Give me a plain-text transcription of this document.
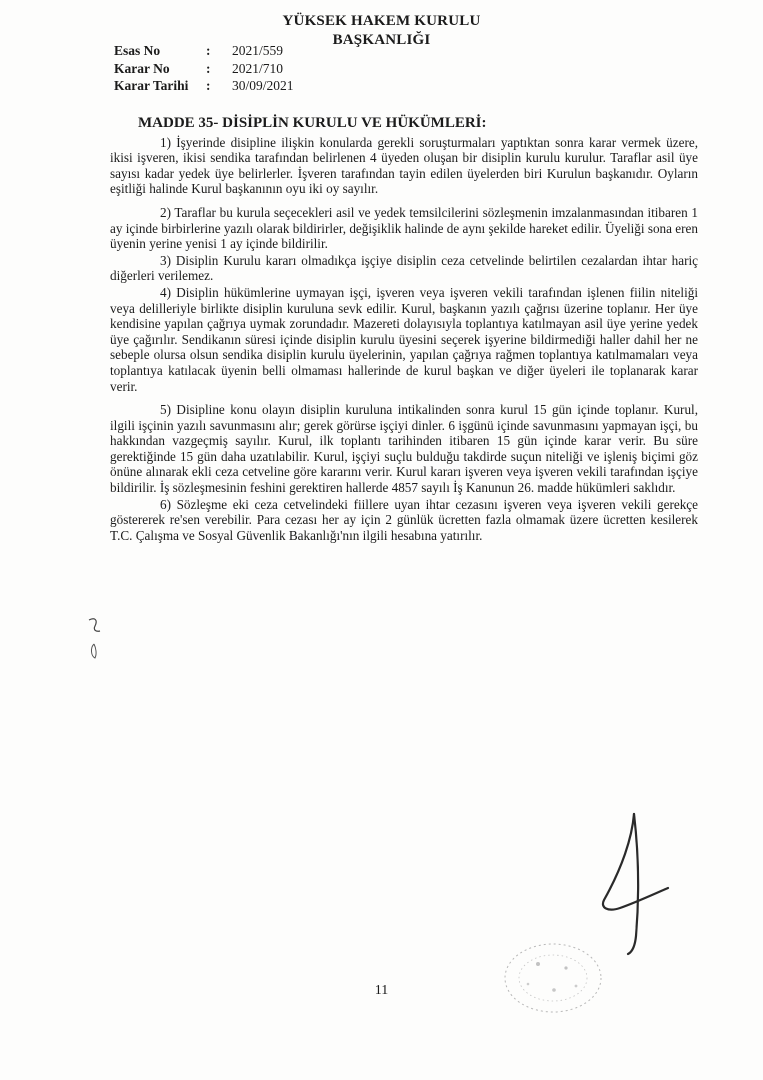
YÜKSEK HAKEM KURULU
BAŞKANLIĞI
Esas No	:	2021/559
Karar No	:	2021/710
Karar Tarihi	:	30/09/2021

MADDE 35- DİSİPLİN KURULU VE HÜKÜMLERİ:

1) İşyerinde disipline ilişkin konularda gerekli soruşturmaları yaptıktan sonra karar vermek üzere, ikisi işveren, ikisi sendika tarafından belirlenen 4 üyeden oluşan bir disiplin kurulu kurulur. Taraflar asil üye sayısı kadar yedek üye belirlerler. İşveren tarafından tayin edilen üyelerden biri Kurulun başkanıdır. Oyların eşitliği halinde Kurul başkanının oyu iki oy sayılır.

2) Taraflar bu kurula seçecekleri asil ve yedek temsilcilerini sözleşmenin imzalanmasından itibaren 1 ay içinde birbirlerine yazılı olarak bildirirler, değişiklik halinde de aynı şekilde hareket edilir. Üyeliği sona eren üyenin yerine yenisi 1 ay içinde bildirilir.

3) Disiplin Kurulu kararı olmadıkça işçiye disiplin ceza cetvelinde belirtilen cezalardan ihtar hariç diğerleri verilemez.

4) Disiplin hükümlerine uymayan işçi, işveren veya işveren vekili tarafından işlenen fiilin niteliği veya delilleriyle birlikte disiplin kuruluna sevk edilir. Kurul, başkanın yazılı çağrısı üzerine toplanır. Her üye kendisine yapılan çağrıya uymak zorundadır. Mazereti dolayısıyla toplantıya katılmayan asil üye yerine yedek üye çağırılır. Sendikanın süresi içinde disiplin kurulu üyesini seçerek işyerine bildirmediği haller dahil her ne sebeple olursa olsun sendika disiplin kurulu üyelerinin, yapılan çağrıya rağmen toplantıya katılmamaları veya toplantıya katılacak üyenin belli olmaması hallerinde de kurul başkan ve diğer üyeleri ile toplanarak karar verir.

5) Disipline konu olayın disiplin kuruluna intikalinden sonra kurul 15 gün içinde toplanır. Kurul, ilgili işçinin yazılı savunmasını alır; gerek görürse işçiyi dinler. 6 işgünü içinde savunmasını yapmayan işçi, bu hakkından vazgeçmiş sayılır. Kurul, ilk toplantı tarihinden itibaren 15 gün içinde karar verir. Bu süre gerektiğinde 15 gün daha uzatılabilir. Kurul, işçiyi suçlu bulduğu takdirde suçun niteliği ve işleniş biçimi göz önüne alınarak ekli ceza cetveline göre kararını verir. Kurul kararı işveren veya işveren vekili tarafından işçiye bildirilir. İş sözleşmesinin feshini gerektiren hallerde 4857 sayılı İş Kanunun 26. madde hükümleri saklıdır.

6) Sözleşme eki ceza cetvelindeki fiillere uyan ihtar cezasını işveren veya işveren vekili gerekçe göstererek re'sen verebilir. Para cezası her ay için 2 günlük ücretten fazla olmamak üzere ücretten kesilerek T.C. Çalışma ve Sosyal Güvenlik Bakanlığı'nın ilgili hesabına yatırılır.

11
